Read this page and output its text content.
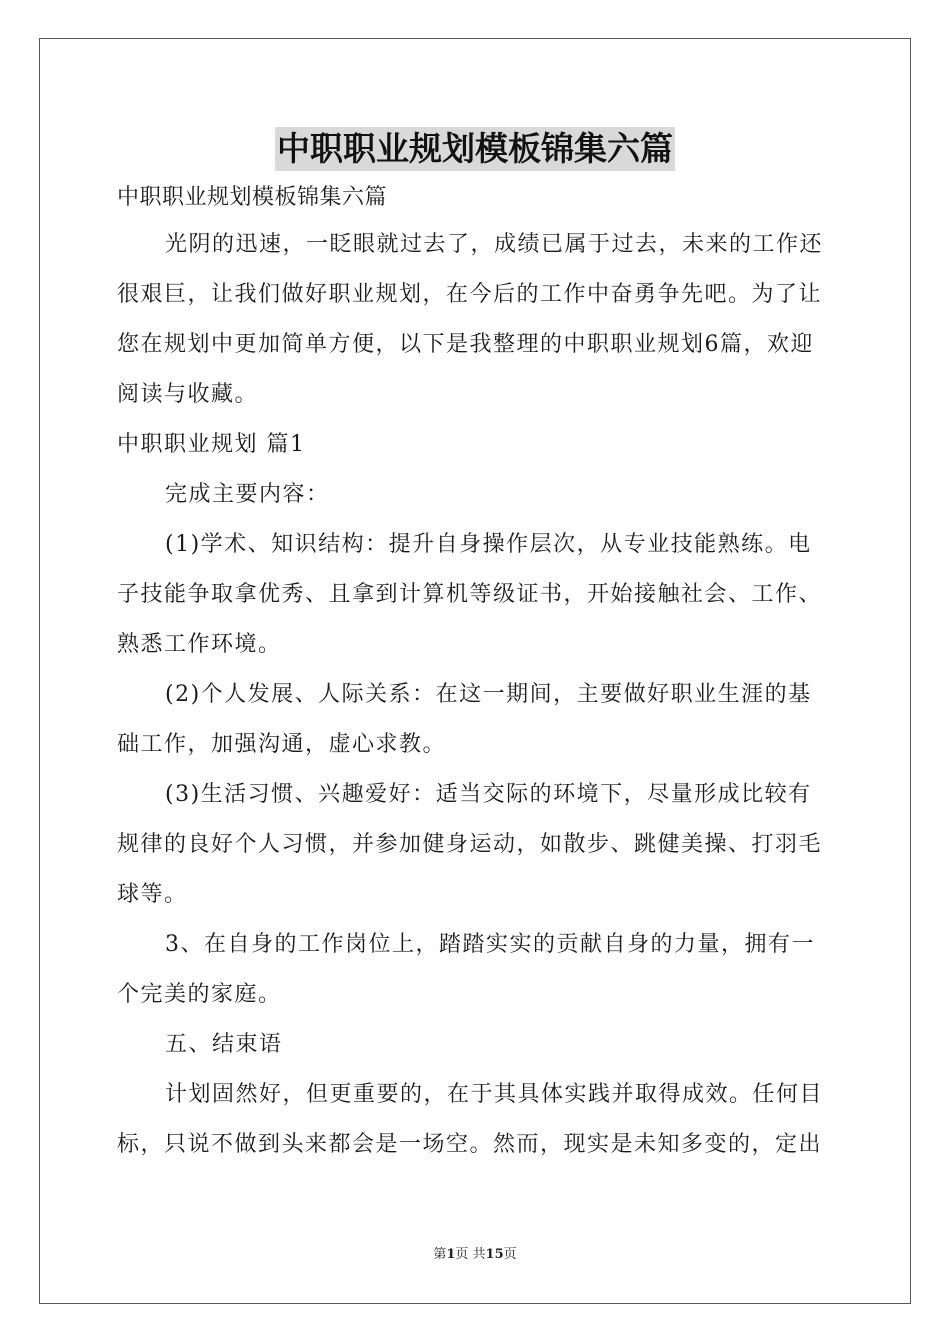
中职职业规划模板锦集六篇
中职职业规划模板锦集六篇
光阴的迅速，一眨眼就过去了，成绩已属于过去，未来的工作还
很艰巨，让我们做好职业规划，在今后的工作中奋勇争先吧。为了让
您在规划中更加简单方便，以下是我整理的中职职业规划6篇，欢迎
阅读与收藏。
中职职业规划 篇1
完成主要内容：
(1)学术、知识结构：提升自身操作层次，从专业技能熟练。电
子技能争取拿优秀、且拿到计算机等级证书，开始接触社会、工作、
熟悉工作环境。
(2)个人发展、人际关系：在这一期间，主要做好职业生涯的基
础工作，加强沟通，虚心求教。
(3)生活习惯、兴趣爱好：适当交际的环境下，尽量形成比较有
规律的良好个人习惯，并参加健身运动，如散步、跳健美操、打羽毛
球等。
3、在自身的工作岗位上，踏踏实实的贡献自身的力量，拥有一
个完美的家庭。
五、结束语
计划固然好，但更重要的，在于其具体实践并取得成效。任何目
标，只说不做到头来都会是一场空。然而，现实是未知多变的，定出
第1页 共15页
